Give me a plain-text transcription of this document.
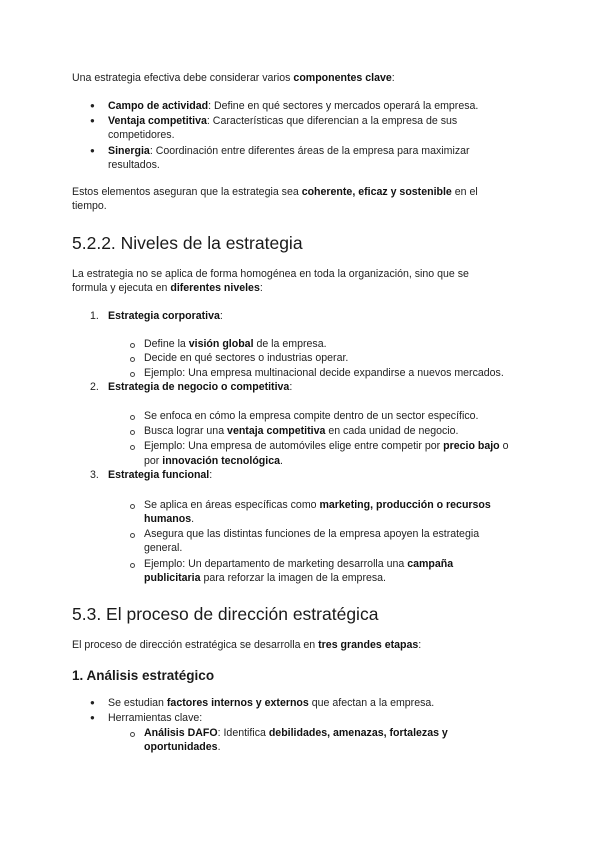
Una estrategia efectiva debe considerar varios componentes clave:

● Campo de actividad: Define en qué sectores y mercados operará la empresa.

● Ventaja competitiva: Características que diferencian a la empresa de sus

competidores.

● Sinergia: Coordinación entre diferentes áreas de la empresa para maximizar

resultados.

Estos elementos aseguran que la estrategia sea coherente, eficaz y sostenible en el

tiempo.

5.2.2. Niveles de la estrategia

La estrategia no se aplica de forma homogénea en toda la organización, sino que se

formula y ejecuta en diferentes niveles:

1. Estrategia corporativa:

Define la visión global de la empresa.

Decide en qué sectores o industrias operar.

Ejemplo: Una empresa multinacional decide expandirse a nuevos mercados.

2. Estrategia de negocio o competitiva:

Se enfoca en cómo la empresa compite dentro de un sector específico.

Busca lograr una ventaja competitiva en cada unidad de negocio.

Ejemplo: Una empresa de automóviles elige entre competir por precio bajo o

por innovación tecnológica.

3. Estrategia funcional:

Se aplica en áreas específicas como marketing, producción o recursos

humanos.

Asegura que las distintas funciones de la empresa apoyen la estrategia

general.

Ejemplo: Un departamento de marketing desarrolla una campaña

publicitaria para reforzar la imagen de la empresa.

5.3. El proceso de dirección estratégica

El proceso de dirección estratégica se desarrolla en tres grandes etapas:

1. Análisis estratégico
● Se estudian factores internos y externos que afectan a la empresa.

● Herramientas clave:

Análisis DAFO: Identifica debilidades, amenazas, fortalezas y

oportunidades.
